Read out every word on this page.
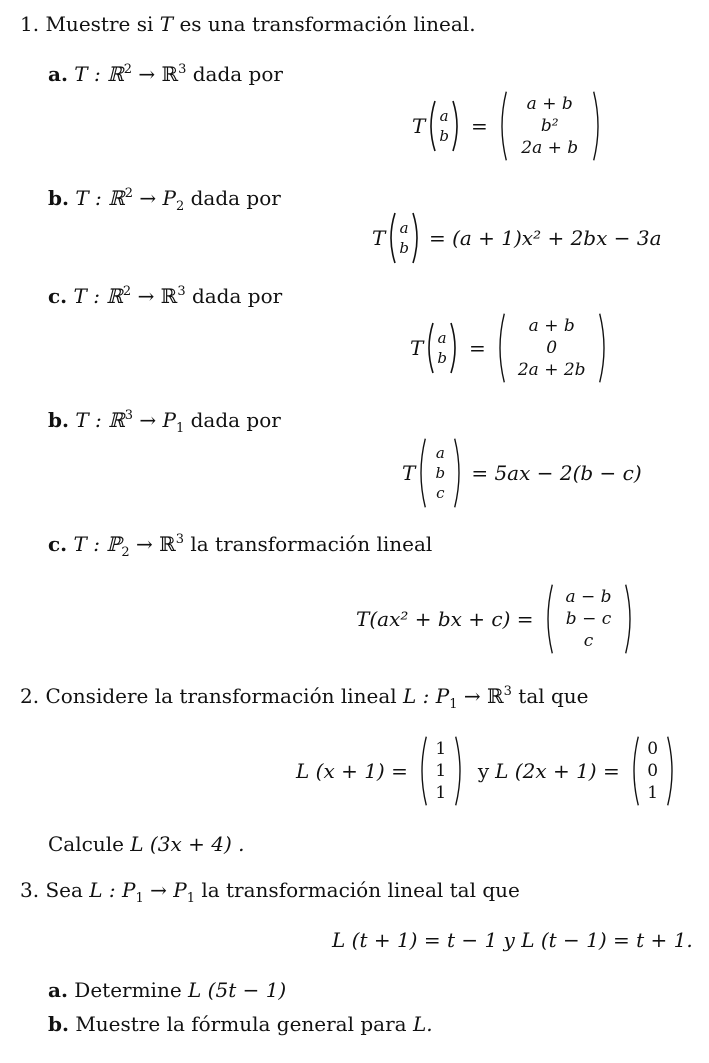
1. Muestre si T es una transformación lineal.
a. T : ℝ$^2$ → ℝ$^3$ dada por
T a
b =
a + b
b²
2a + b
b. T : ℝ$^2$ → $P_2$ dada por
T a
b = (a + 1)x² + 2bx − 3a
c. T : ℝ$^2$ → ℝ$^3$ dada por
T a
b =
a + b
0
2a + 2b
b. T : ℝ$^3$ → $P_1$ dada por
T
a
b
c
= 5ax − 2(b − c)
c. T : ℙ$_2$ → ℝ$^3$ la transformación lineal
T(ax² + bx + c) =
a − b
b − c
c
2. Considere la transformación lineal L : $P_1$ → ℝ$^3$ tal que
L (x + 1) =
1
1
1
y L (2x + 1) =
0
0
1
Calcule L (3x + 4) .
3. Sea L : $P_1 \to P_1$ la transformación lineal tal que
L (t + 1) = t − 1 y L (t − 1) = t + 1.
a. Determine L (5t − 1)
b. Muestre la fórmula general para L.
